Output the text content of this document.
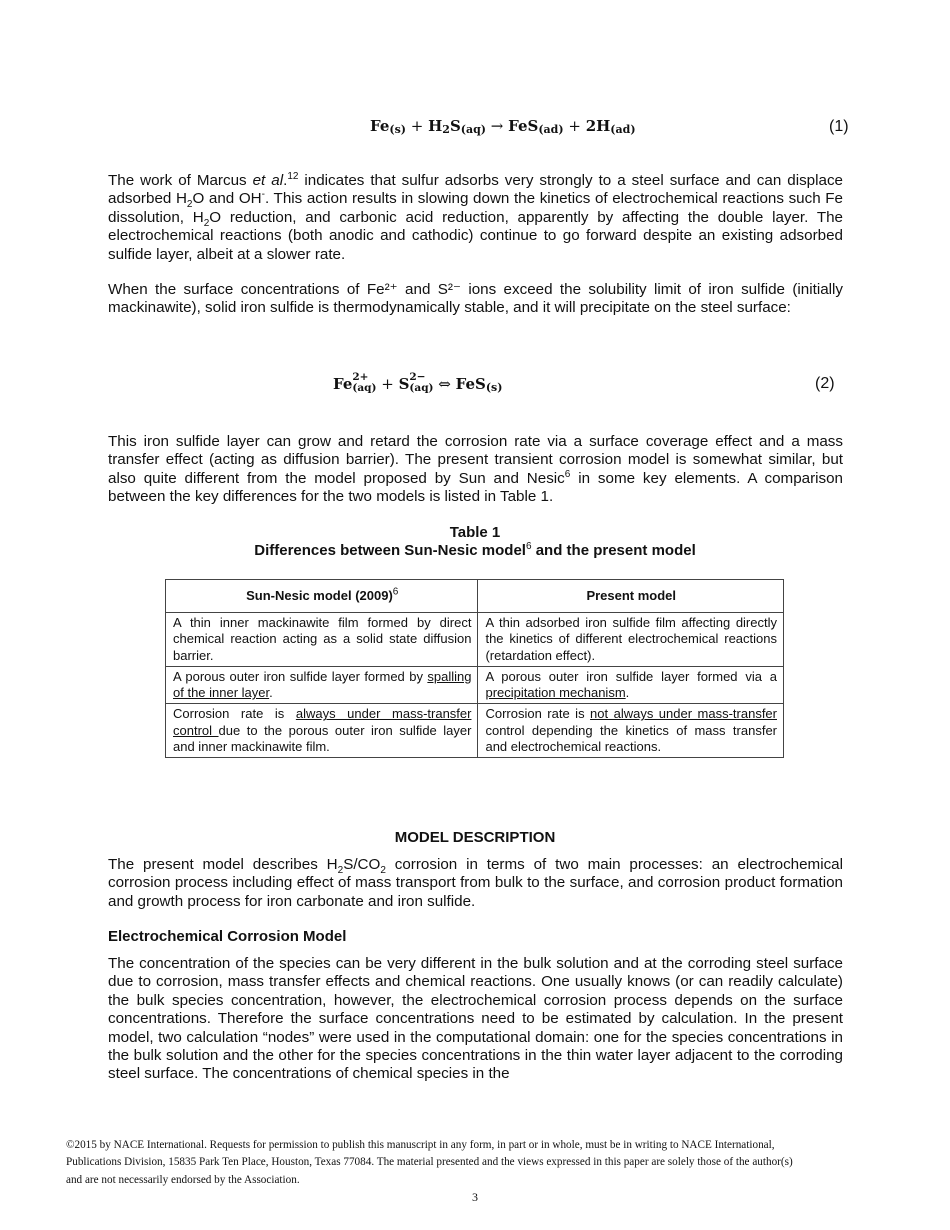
$Fe_{(s)} + H_2S_{(aq)} \to FeS_{(ad)} + 2H_{(ad)}$	(1)

The work of Marcus et al.$^{12}$ indicates that sulfur adsorbs very strongly to a steel surface and can displace adsorbed $H_2O$ and OH-. This action results in slowing down the kinetics of electrochemical reactions such Fe dissolution, $H_2O$ reduction, and carbonic acid reduction, apparently by affecting the double layer. The electrochemical reactions (both anodic and cathodic) continue to go forward despite an existing adsorbed sulfide layer, albeit at a slower rate.

When the surface concentrations of Fe²⁺ and S²⁻ ions exceed the solubility limit of iron sulfide (initially mackinawite), solid iron sulfide is thermodynamically stable, and it will precipitate on the steel surface:

Fe 2+
(aq) + S 2−
(aq) ⇔ FeS$_{(s)}$	(2)

This iron sulfide layer can grow and retard the corrosion rate via a surface coverage effect and a mass transfer effect (acting as diffusion barrier). The present transient corrosion model is somewhat similar, but also quite different from the model proposed by Sun and Nesic$^6$ in some key elements. A comparison between the key differences for the two models is listed in Table 1.

Table 1
Differences between Sun-Nesic model$^6$ and the present model
Sun-Nesic model $(2009)^6$	Present model
A thin inner mackinawite film formed by direct chemical reaction acting as a solid state diffusion barrier.	A thin adsorbed iron sulfide film affecting directly the kinetics of different electrochemical reactions (retardation effect).
A porous outer iron sulfide layer formed by spalling of the inner layer.	A porous outer iron sulfide layer formed via a precipitation mechanism.
Corrosion rate is always under mass-transfer control due to the porous outer iron sulfide layer and inner mackinawite film.	Corrosion rate is not always under mass-transfer control depending the kinetics of mass transfer and electrochemical reactions.
MODEL DESCRIPTION

The present model describes $H_2S/CO_2$ corrosion in terms of two main processes: an electrochemical corrosion process including effect of mass transport from bulk to the surface, and corrosion product formation and growth process for iron carbonate and iron sulfide.

Electrochemical Corrosion Model

The concentration of the species can be very different in the bulk solution and at the corroding steel surface due to corrosion, mass transfer effects and chemical reactions. One usually knows (or can readily calculate) the bulk species concentration, however, the electrochemical corrosion process depends on the surface concentrations. Therefore the surface concentrations need to be estimated by calculation. In the present model, two calculation “nodes” were used in the computational domain: one for the species concentrations in the bulk solution and the other for the species concentrations in the thin water layer adjacent to the corroding steel surface. The concentrations of chemical species in the

©2015 by NACE International. Requests for permission to publish this manuscript in any form, in part or in whole, must be in writing to NACE International, Publications Division, 15835 Park Ten Place, Houston, Texas 77084. The material presented and the views expressed in this paper are solely those of the author(s) and are not necessarily endorsed by the Association.

3
